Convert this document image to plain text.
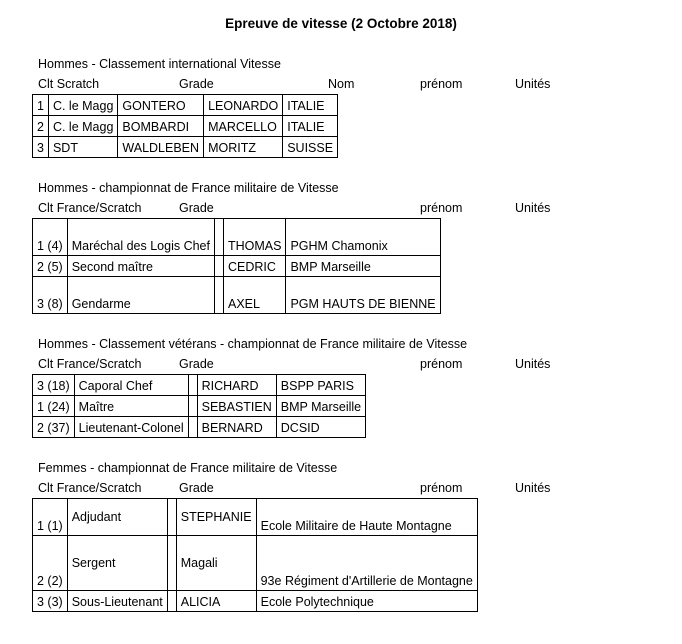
Epreuve de vitesse (2 Octobre 2018)
Hommes - Classement international Vitesse
Clt Scratch	Grade	Nom	prénom	Unités
1	C. le Magg	GONTERO	LEONARDO	ITALIE
2	C. le Magg	BOMBARDI	MARCELLO	ITALIE
3	SDT	WALDLEBEN	MORITZ	SUISSE
Hommes - championnat de France militaire de Vitesse
Clt France/Scratch	Grade	prénom	Unités
1 (4)	Maréchal des Logis Chef		THOMAS	PGHM Chamonix
2 (5)	Second maître		CEDRIC	BMP Marseille
3 (8)	Gendarme		AXEL	PGM HAUTS DE BIENNE
Hommes - Classement vétérans - championnat de France militaire de Vitesse
Clt France/Scratch	Grade	prénom	Unités
3 (18)	Caporal Chef		RICHARD	BSPP PARIS
1 (24)	Maître		SEBASTIEN	BMP Marseille
2 (37)	Lieutenant-Colonel		BERNARD	DCSID
Femmes - championnat de France militaire de Vitesse
Clt France/Scratch	Grade	prénom	Unités
1 (1)	Adjudant		STEPHANIE	Ecole Militaire de Haute Montagne
2 (2)	Sergent		Magali	93e Régiment d'Artillerie de Montagne
3 (3)	Sous-Lieutenant		ALICIA	Ecole Polytechnique
